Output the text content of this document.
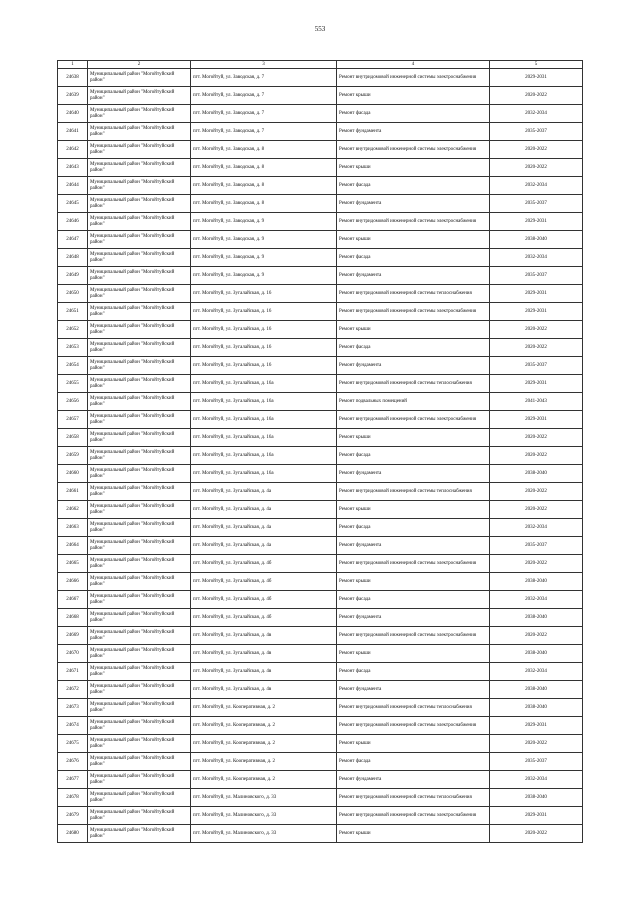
553
1	2	3	4	5
24638	Муниципальный район "Могойтуйский район"	пгт. Могойтуй, ул. Заводская, д. 7	Ремонт внутридомовой инженерной системы электроснабжения	2029-2031
24639	Муниципальный район "Могойтуйский район"	пгт. Могойтуй, ул. Заводская, д. 7	Ремонт крыши	2020-2022
24640	Муниципальный район "Могойтуйский район"	пгт. Могойтуй, ул. Заводская, д. 7	Ремонт фасада	2032-2034
24641	Муниципальный район "Могойтуйский район"	пгт. Могойтуй, ул. Заводская, д. 7	Ремонт фундамента	2035-2037
24642	Муниципальный район "Могойтуйский район"	пгт. Могойтуй, ул. Заводская, д. 8	Ремонт внутридомовой инженерной системы электроснабжения	2020-2022
24643	Муниципальный район "Могойтуйский район"	пгт. Могойтуй, ул. Заводская, д. 8	Ремонт крыши	2020-2022
24644	Муниципальный район "Могойтуйский район"	пгт. Могойтуй, ул. Заводская, д. 8	Ремонт фасада	2032-2034
24645	Муниципальный район "Могойтуйский район"	пгт. Могойтуй, ул. Заводская, д. 8	Ремонт фундамента	2035-2037
24646	Муниципальный район "Могойтуйский район"	пгт. Могойтуй, ул. Заводская, д. 9	Ремонт внутридомовой инженерной системы электроснабжения	2029-2031
24647	Муниципальный район "Могойтуйский район"	пгт. Могойтуй, ул. Заводская, д. 9	Ремонт крыши	2038-2040
24648	Муниципальный район "Могойтуйский район"	пгт. Могойтуй, ул. Заводская, д. 9	Ремонт фасада	2032-2034
24649	Муниципальный район "Могойтуйский район"	пгт. Могойтуй, ул. Заводская, д. 9	Ремонт фундамента	2035-2037
24650	Муниципальный район "Могойтуйский район"	пгт. Могойтуй, ул. Зугалайская, д. 16	Ремонт внутридомовой инженерной системы теплоснабжения	2029-2031
24651	Муниципальный район "Могойтуйский район"	пгт. Могойтуй, ул. Зугалайская, д. 16	Ремонт внутридомовой инженерной системы электроснабжения	2029-2031
24652	Муниципальный район "Могойтуйский район"	пгт. Могойтуй, ул. Зугалайская, д. 16	Ремонт крыши	2020-2022
24653	Муниципальный район "Могойтуйский район"	пгт. Могойтуй, ул. Зугалайская, д. 16	Ремонт фасада	2020-2022
24654	Муниципальный район "Могойтуйский район"	пгт. Могойтуй, ул. Зугалайская, д. 16	Ремонт фундамента	2035-2037
24655	Муниципальный район "Могойтуйский район"	пгт. Могойтуй, ул. Зугалайская, д. 16а	Ремонт внутридомовой инженерной системы теплоснабжения	2029-2031
24656	Муниципальный район "Могойтуйский район"	пгт. Могойтуй, ул. Зугалайская, д. 16а	Ремонт подвальных помещений	2041-2043
24657	Муниципальный район "Могойтуйский район"	пгт. Могойтуй, ул. Зугалайская, д. 16а	Ремонт внутридомовой инженерной системы электроснабжения	2029-2031
24658	Муниципальный район "Могойтуйский район"	пгт. Могойтуй, ул. Зугалайская, д. 16а	Ремонт крыши	2020-2022
24659	Муниципальный район "Могойтуйский район"	пгт. Могойтуй, ул. Зугалайская, д. 16а	Ремонт фасада	2020-2022
24660	Муниципальный район "Могойтуйский район"	пгт. Могойтуй, ул. Зугалайская, д. 16а	Ремонт фундамента	2038-2040
24661	Муниципальный район "Могойтуйский район"	пгт. Могойтуй, ул. Зугалайская, д. 4а	Ремонт внутридомовой инженерной системы теплоснабжения	2020-2022
24662	Муниципальный район "Могойтуйский район"	пгт. Могойтуй, ул. Зугалайская, д. 4а	Ремонт крыши	2020-2022
24663	Муниципальный район "Могойтуйский район"	пгт. Могойтуй, ул. Зугалайская, д. 4а	Ремонт фасада	2032-2034
24664	Муниципальный район "Могойтуйский район"	пгт. Могойтуй, ул. Зугалайская, д. 4а	Ремонт фундамента	2035-2037
24665	Муниципальный район "Могойтуйский район"	пгт. Могойтуй, ул. Зугалайская, д. 4б	Ремонт внутридомовой инженерной системы электроснабжения	2020-2022
24666	Муниципальный район "Могойтуйский район"	пгт. Могойтуй, ул. Зугалайская, д. 4б	Ремонт крыши	2038-2040
24667	Муниципальный район "Могойтуйский район"	пгт. Могойтуй, ул. Зугалайская, д. 4б	Ремонт фасада	2032-2034
24668	Муниципальный район "Могойтуйский район"	пгт. Могойтуй, ул. Зугалайская, д. 4б	Ремонт фундамента	2038-2040
24669	Муниципальный район "Могойтуйский район"	пгт. Могойтуй, ул. Зугалайская, д. 4в	Ремонт внутридомовой инженерной системы электроснабжения	2020-2022
24670	Муниципальный район "Могойтуйский район"	пгт. Могойтуй, ул. Зугалайская, д. 4в	Ремонт крыши	2038-2040
24671	Муниципальный район "Могойтуйский район"	пгт. Могойтуй, ул. Зугалайская, д. 4в	Ремонт фасада	2032-2034
24672	Муниципальный район "Могойтуйский район"	пгт. Могойтуй, ул. Зугалайская, д. 4в	Ремонт фундамента	2038-2040
24673	Муниципальный район "Могойтуйский район"	пгт. Могойтуй, ул. Кооперативная, д. 2	Ремонт внутридомовой инженерной системы теплоснабжения	2038-2040
24674	Муниципальный район "Могойтуйский район"	пгт. Могойтуй, ул. Кооперативная, д. 2	Ремонт внутридомовой инженерной системы электроснабжения	2029-2031
24675	Муниципальный район "Могойтуйский район"	пгт. Могойтуй, ул. Кооперативная, д. 2	Ремонт крыши	2020-2022
24676	Муниципальный район "Могойтуйский район"	пгт. Могойтуй, ул. Кооперативная, д. 2	Ремонт фасада	2035-2037
24677	Муниципальный район "Могойтуйский район"	пгт. Могойтуй, ул. Кооперативная, д. 2	Ремонт фундамента	2032-2034
24678	Муниципальный район "Могойтуйский район"	пгт. Могойтуй, ул. Малиновского, д. 33	Ремонт внутридомовой инженерной системы теплоснабжения	2038-2040
24679	Муниципальный район "Могойтуйский район"	пгт. Могойтуй, ул. Малиновского, д. 33	Ремонт внутридомовой инженерной системы электроснабжения	2029-2031
24680	Муниципальный район "Могойтуйский район"	пгт. Могойтуй, ул. Малиновского, д. 33	Ремонт крыши	2020-2022
